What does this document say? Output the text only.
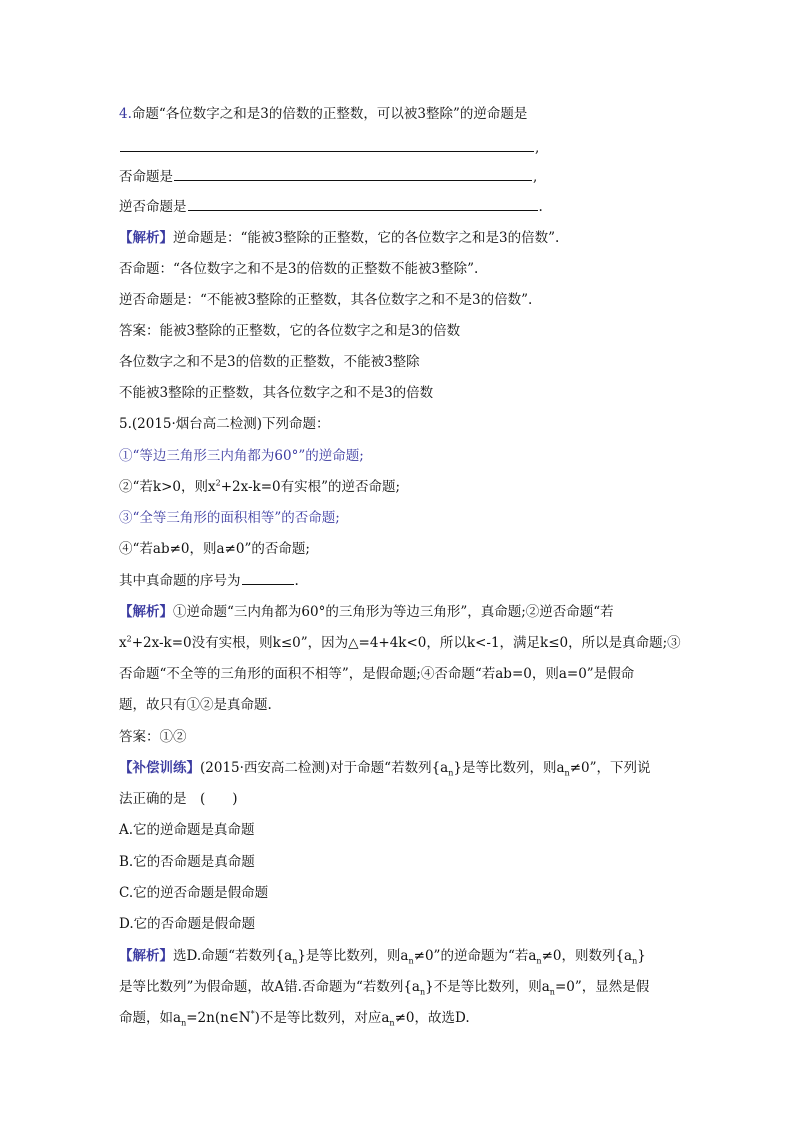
4.命题“各位数字之和是3的倍数的正整数，可以被3整除”的逆命题是
,
否命题是	,
逆否命题是	.
【解析】逆命题是：“能被3整除的正整数，它的各位数字之和是3的倍数”.
否命题：“各位数字之和不是3的倍数的正整数不能被3整除”.
逆否命题是：“不能被3整除的正整数，其各位数字之和不是3的倍数”.
答案：能被3整除的正整数，它的各位数字之和是3的倍数
各位数字之和不是3的倍数的正整数，不能被3整除
不能被3整除的正整数，其各位数字之和不是3的倍数
5.(2015·烟台高二检测)下列命题：
①“等边三角形三内角都为60°”的逆命题;
②“若k>0，则$x^2+2x-k=0$有实根”的逆否命题;
③“全等三角形的面积相等”的否命题;
④“若ab≠0，则a≠0”的否命题;
其中真命题的序号为	.
【解析】①逆命题“三内角都为60°的三角形为等边三角形”，真命题;②逆否命题“若
$x^2+2x-k=0$没有实根，则k≤0”，因为△=4+4k<0，所以k<-1，满足k≤0，所以是真命题;③
否命题“不全等的三角形的面积不相等”，是假命题;④否命题“若ab=0，则a=0”是假命
题，故只有①②是真命题.
答案：①②
【补偿训练】(2015·西安高二检测)对于命题“若数列$\{a_n\}$是等比数列，则$a_n\ne 0$”，下列说
法正确的是　(　　)
A.它的逆命题是真命题
B.它的否命题是真命题
C.它的逆否命题是假命题
D.它的否命题是假命题
【解析】选D.命题“若数列$\{a_n\}$是等比数列，则$a_n\ne 0$”的逆命题为“若$a_n\ne 0$，则数列$\{a_n\}$
是等比数列”为假命题，故A错.否命题为“若数列$\{a_n\}$不是等比数列，则$a_n=0$”，显然是假
命题，如$a_n=2n(n\in N^*)$不是等比数列，对应$a_n\ne 0$，故选D.
